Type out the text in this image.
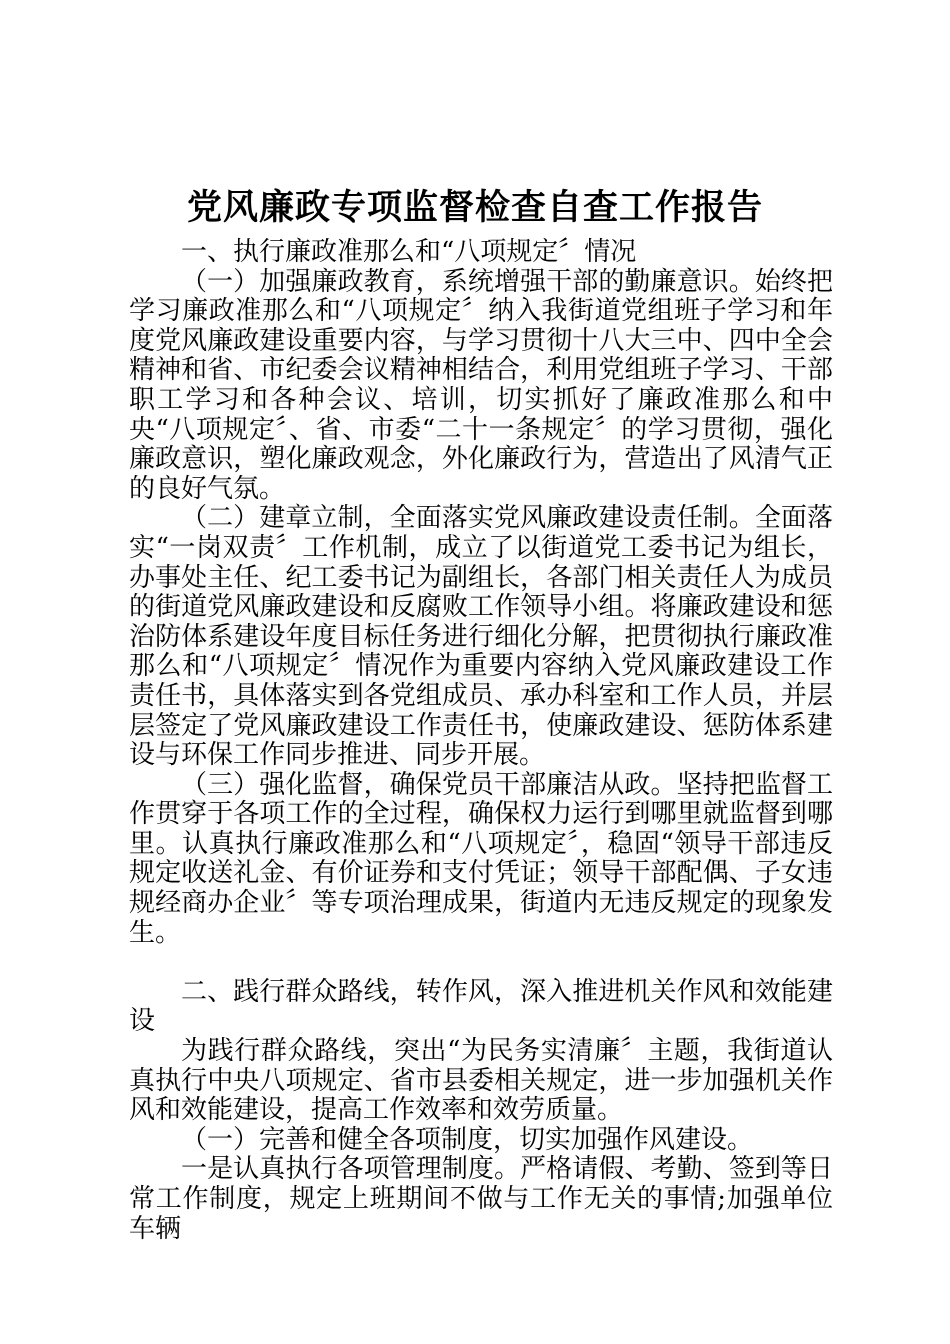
党风廉政专项监督检查自查工作报告

一、执行廉政准那么和“八项规定〞情况

（一）加强廉政教育，系统增强干部的勤廉意识。始终把学习廉政准那么和“八项规定〞纳入我街道党组班子学习和年度党风廉政建设重要内容，与学习贯彻十八大三中、四中全会精神和省、市纪委会议精神相结合，利用党组班子学习、干部职工学习和各种会议、培训，切实抓好了廉政准那么和中央“八项规定〞、省、市委“二十一条规定〞的学习贯彻，强化廉政意识，塑化廉政观念，外化廉政行为，营造出了风清气正的良好气氛。

（二）建章立制，全面落实党风廉政建设责任制。全面落实“一岗双责〞工作机制，成立了以街道党工委书记为组长，办事处主任、纪工委书记为副组长，各部门相关责任人为成员的街道党风廉政建设和反腐败工作领导小组。将廉政建设和惩治防体系建设年度目标任务进行细化分解，把贯彻执行廉政准那么和“八项规定〞情况作为重要内容纳入党风廉政建设工作责任书，具体落实到各党组成员、承办科室和工作人员，并层层签定了党风廉政建设工作责任书，使廉政建设、惩防体系建设与环保工作同步推进、同步开展。

（三）强化监督，确保党员干部廉洁从政。坚持把监督工作贯穿于各项工作的全过程，确保权力运行到哪里就监督到哪里。认真执行廉政准那么和“八项规定〞，稳固“领导干部违反规定收送礼金、有价证券和支付凭证；领导干部配偶、子女违规经商办企业〞等专项治理成果，街道内无违反规定的现象发生。

二、践行群众路线，转作风，深入推进机关作风和效能建设

为践行群众路线，突出“为民务实清廉〞主题，我街道认真执行中央八项规定、省市县委相关规定，进一步加强机关作风和效能建设，提高工作效率和效劳质量。

（一）完善和健全各项制度，切实加强作风建设。

一是认真执行各项管理制度。严格请假、考勤、签到等日常工作制度，规定上班期间不做与工作无关的事情;加强单位车辆
